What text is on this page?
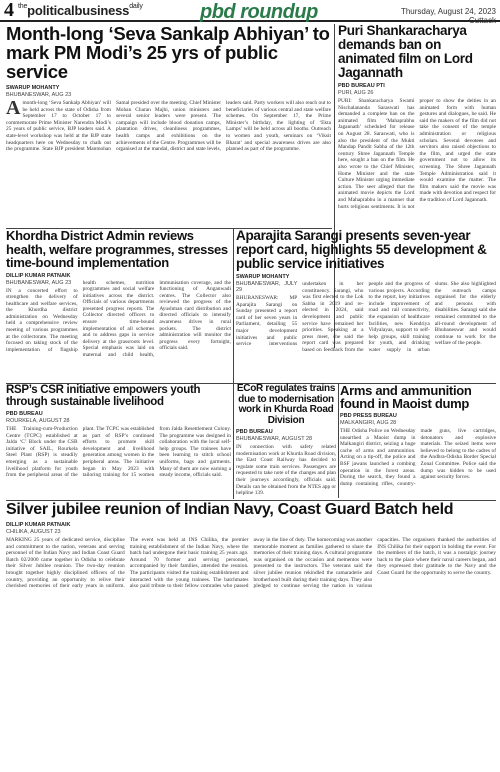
4 $^{the}$politicalbusiness$^{daily}$	pbd roundup	Thursday, August 24, 2023
Cuttack
Month-long ‘Seva Sankalp Abhiyan’ to mark PM Modi’s 25 yrs of public service
SWARUP MOHANTY
BHUBANESWAR, AUG 23
Amonth-long ‘Seva Sankalp Abhiyan’ will be held across the state of Odisha from September 17 to October 17 to commemorate Prime Minister Narendra Modi’s 25 years of public service, BJP leaders said. A state-level workshop was held at the BJP state headquarters here on Wednesday to chalk out the programme. State BJP president Manmohan Samal presided over the meeting. Chief Minister Mohan Charan Majhi, union ministers and several senior leaders were present. The campaign will include blood donation camps, plantation drives, cleanliness programmes, health camps and exhibitions on the achievements of the Centre. Programmes will be organised at the mandal, district and state levels, leaders said. Party workers will also reach out to beneficiaries of various central and state welfare schemes. On September 17, the Prime Minister’s birthday, the lighting of ‘Ekta Lamps’ will be held across all booths. Outreach to women and youth, seminars on ‘Viksit Bharat’ and special awareness drives are also planned as part of the programme.
Puri Shankaracharya demands ban on animated film on Lord Jagannath
PBD BUREAU PTI
PURI, AUG 26
PURI: Shankaracharya Swami Nischalananda Saraswati has demanded a complete ban on the animated film ‘Mahaprabhu Jagannath’ scheduled for release on August 28. Saraswati, who is also the president of the Mukti Mandap Pandit Sabha of the 12th century Shree Jagannath Temple here, sought a ban on the film. He also wrote to the Chief Minister, Home Minister and the state Culture Minister urging immediate action. The seer alleged that the animated movie depicts the Lord and Mahaprabhu in a manner that hurts religious sentiments. It is not proper to show the deities in an animated form with human gestures and dialogues, he said. He said the makers of the film did not take the consent of the temple administration or religious scholars. Several devotees and servitors also raised objections to the film, and urged the state government not to allow its screening. The Shree Jagannath Temple Administration said it would examine the matter. The film makers said the movie was made with devotion and respect for the tradition of Lord Jagannath.
Khordha District Admin reviews health, welfare programmes, stresses time-bound implementation
DILLIP KUMAR PATNAIK
BHUBANESWAR, AUG 23
IN a concerted effort to strengthen the delivery of healthcare and welfare services, the Khordha district administration on Wednesday held a comprehensive review meeting of various programmes at the collectorate. The meeting focused on taking stock of the implementation of flagship health schemes, nutrition programmes and social welfare initiatives across the district. Officials of various departments presented progress reports. The Collector directed officers to ensure time-bound implementation of all schemes and to address gaps in service delivery at the grassroots level. Special emphasis was laid on maternal and child health, immunisation coverage, and the functioning of Anganwadi centres. The Collector also reviewed the progress of the Ayushman card distribution and directed officials to intensify awareness drives in rural pockets. The district administration will monitor the progress every fortnight, officials said.
Aparajita Sarangi presents seven-year report card, highlights 55 development & public service initiatives
SWARUP MOHANTY
BHUBANESWAR, JULY 29
BHUBANESWAR: MP Aparajita Sarangi on Sunday presented a report card of her seven years in Parliament, detailing 55 major development initiatives and public service interventions undertaken in her constituency. Sarangi, who was first elected to the Lok Sabha in 2019 and re-elected in 2024, said development and public service have remained her priorities. Speaking at a press meet, she said the report card was prepared based on feedback from the people and the progress of various projects. According to the report, key initiatives include improvement of road and rail connectivity, the expansion of healthcare facilities, new Kendriya Vidyalayas, support to self-help groups, skill training for youth, and drinking water supply in urban slums. She also highlighted the outreach camps organised for the elderly and persons with disabilities. Sarangi said she remained committed to the all-round development of Bhubaneswar and would continue to work for the welfare of the people.
RSP’s CSR initiative empowers youth through sustainable livelihood
PBD BUREAU
ROURKELA, AUGUST 28
THE Training-cum-Production Centre (TCPC) established at Jalda ‘C’ Block under the CSR initiative of SAIL, Rourkela Steel Plant (RSP) is steadily emerging as a sustainable livelihood platform for youth from the peripheral areas of the plant. The TCPC was established as part of RSP’s continued efforts to promote skill development and livelihood generation among women in the peripheral areas. The initiative began in May 2023 with tailoring training for 15 women from Jalda Resettlement Colony. The programme was designed in collaboration with the local self-help groups. The trainees have been learning to stitch school uniforms, bags and garments. Many of them are now earning a steady income, officials said.
ECoR regulates trains due to modernisation work in Khurda Road Division
PBD BUREAU
BHUBANESWAR, AUGUST 28
IN connection with safety related modernisation work at Khurda Road division, the East Coast Railway has decided to regulate some train services. Passengers are requested to take note of the changes and plan their journeys accordingly, officials said. Details can be obtained from the NTES app or helpline 139.
Arms and ammunition found in Maoist dump
PBD PRESS BUREAU
MALKANGIRI, AUG 28
THE Odisha Police on Wednesday unearthed a Maoist dump in Malkangiri district, seizing a huge cache of arms and ammunition. Acting on a tip-off, the police and BSF jawans launched a combing operation in the forest areas. During the search, they found a dump containing rifles, country-made guns, live cartridges, detonators and explosive materials. The seized items were believed to belong to the cadres of the Andhra-Odisha Border Special Zonal Committee. Police said the dump was hidden to be used against security forces.
Silver jubilee reunion of Indian Navy, Coast Guard Batch held
DILLIP KUMAR PATNAIK
CHILIKA, AUGUST 23
MARKING 25 years of dedicated service, discipline and commitment to the nation, veterans and serving personnel of the Indian Navy and Indian Coast Guard Batch 02/2000 came together in Odisha to celebrate their Silver Jubilee reunion. The two-day reunion brought together highly disciplined officers of the country, providing an opportunity to relive their cherished memories of their early years in uniform. The event was held at INS Chilika, the premier training establishment of the Indian Navy, where the batch had undergone their basic training 25 years ago. Around 70 former and serving personnel, accompanied by their families, attended the reunion. The participants visited the training establishment and interacted with the young trainees. The batchmates also paid tribute to their fellow comrades who passed away in the line of duty. The homecoming was another memorable moment as families gathered to share the memories of their training days. A cultural programme was organised on the occasion and mementos were presented to the instructors. The veterans said the silver jubilee reunion rekindled the camaraderie and brotherhood built during their training days. They also pledged to continue serving the nation in various capacities. The organisers thanked the authorities of INS Chilika for their support in holding the event. For the members of the batch, it was a nostalgic journey back to the place where their naval careers began, and they expressed their gratitude to the Navy and the Coast Guard for the opportunity to serve the country.
